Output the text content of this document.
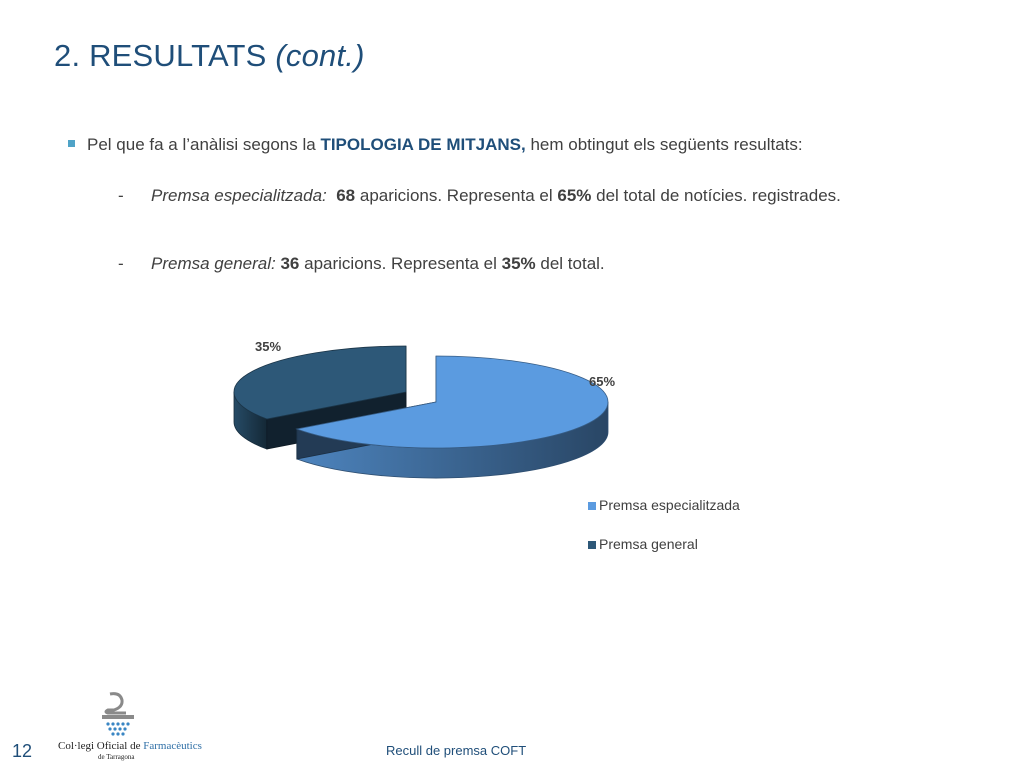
2. RESULTATS (cont.)
Pel que fa a l’anàlisi segons la TIPOLOGIA DE MITJANS, hem obtingut els següents resultats:
- Premsa especialitzada: 68 aparicions. Representa el 65% del total de notícies. registrades.
- Premsa general: 36 aparicions. Representa el 35% del total.
65%
35%
Premsa especialitzada
Premsa general
Col·legi Oficial de Farmacèutics
de Tarragona
12	Recull de premsa COFT
